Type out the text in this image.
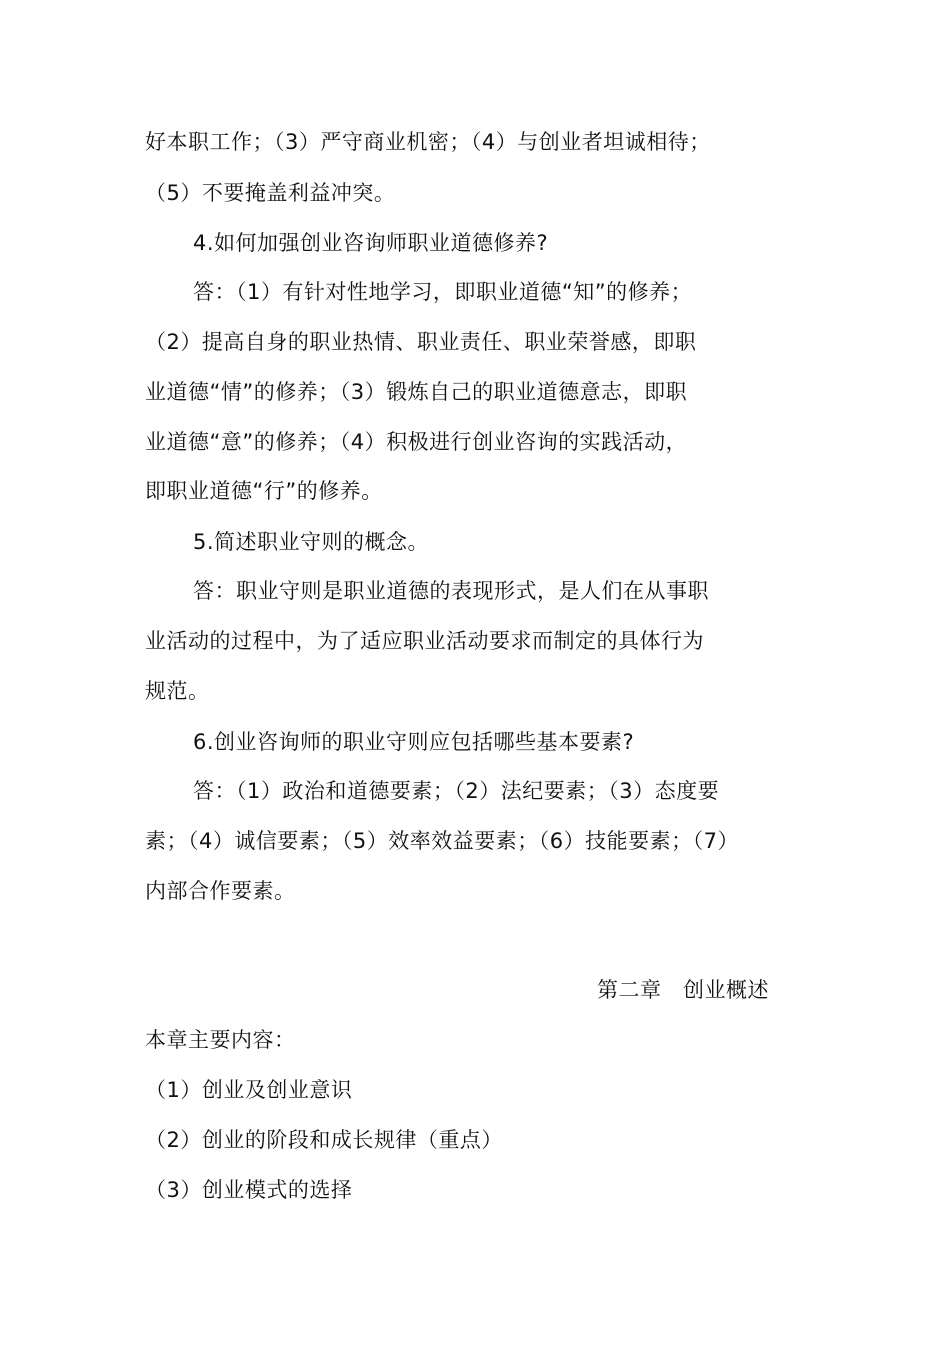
好本职工作；（3）严守商业机密；（4）与创业者坦诚相待；
（5）不要掩盖利益冲突。
4.如何加强创业咨询师职业道德修养?
答：（1）有针对性地学习，即职业道德“知”的修养；
（2）提高自身的职业热情、职业责任、职业荣誉感，即职
业道德“情”的修养；（3）锻炼自己的职业道德意志，即职
业道德“意”的修养；（4）积极进行创业咨询的实践活动，
即职业道德“行”的修养。
5.简述职业守则的概念。
答：职业守则是职业道德的表现形式，是人们在从事职
业活动的过程中，为了适应职业活动要求而制定的具体行为
规范。
6.创业咨询师的职业守则应包括哪些基本要素?
答：（1）政治和道德要素；（2）法纪要素；（3）态度要
素；（4）诚信要素；（5）效率效益要素；（6）技能要素；（7）
内部合作要素。
第二章　创业概述
本章主要内容：
（1）创业及创业意识
（2）创业的阶段和成长规律（重点）
（3）创业模式的选择
